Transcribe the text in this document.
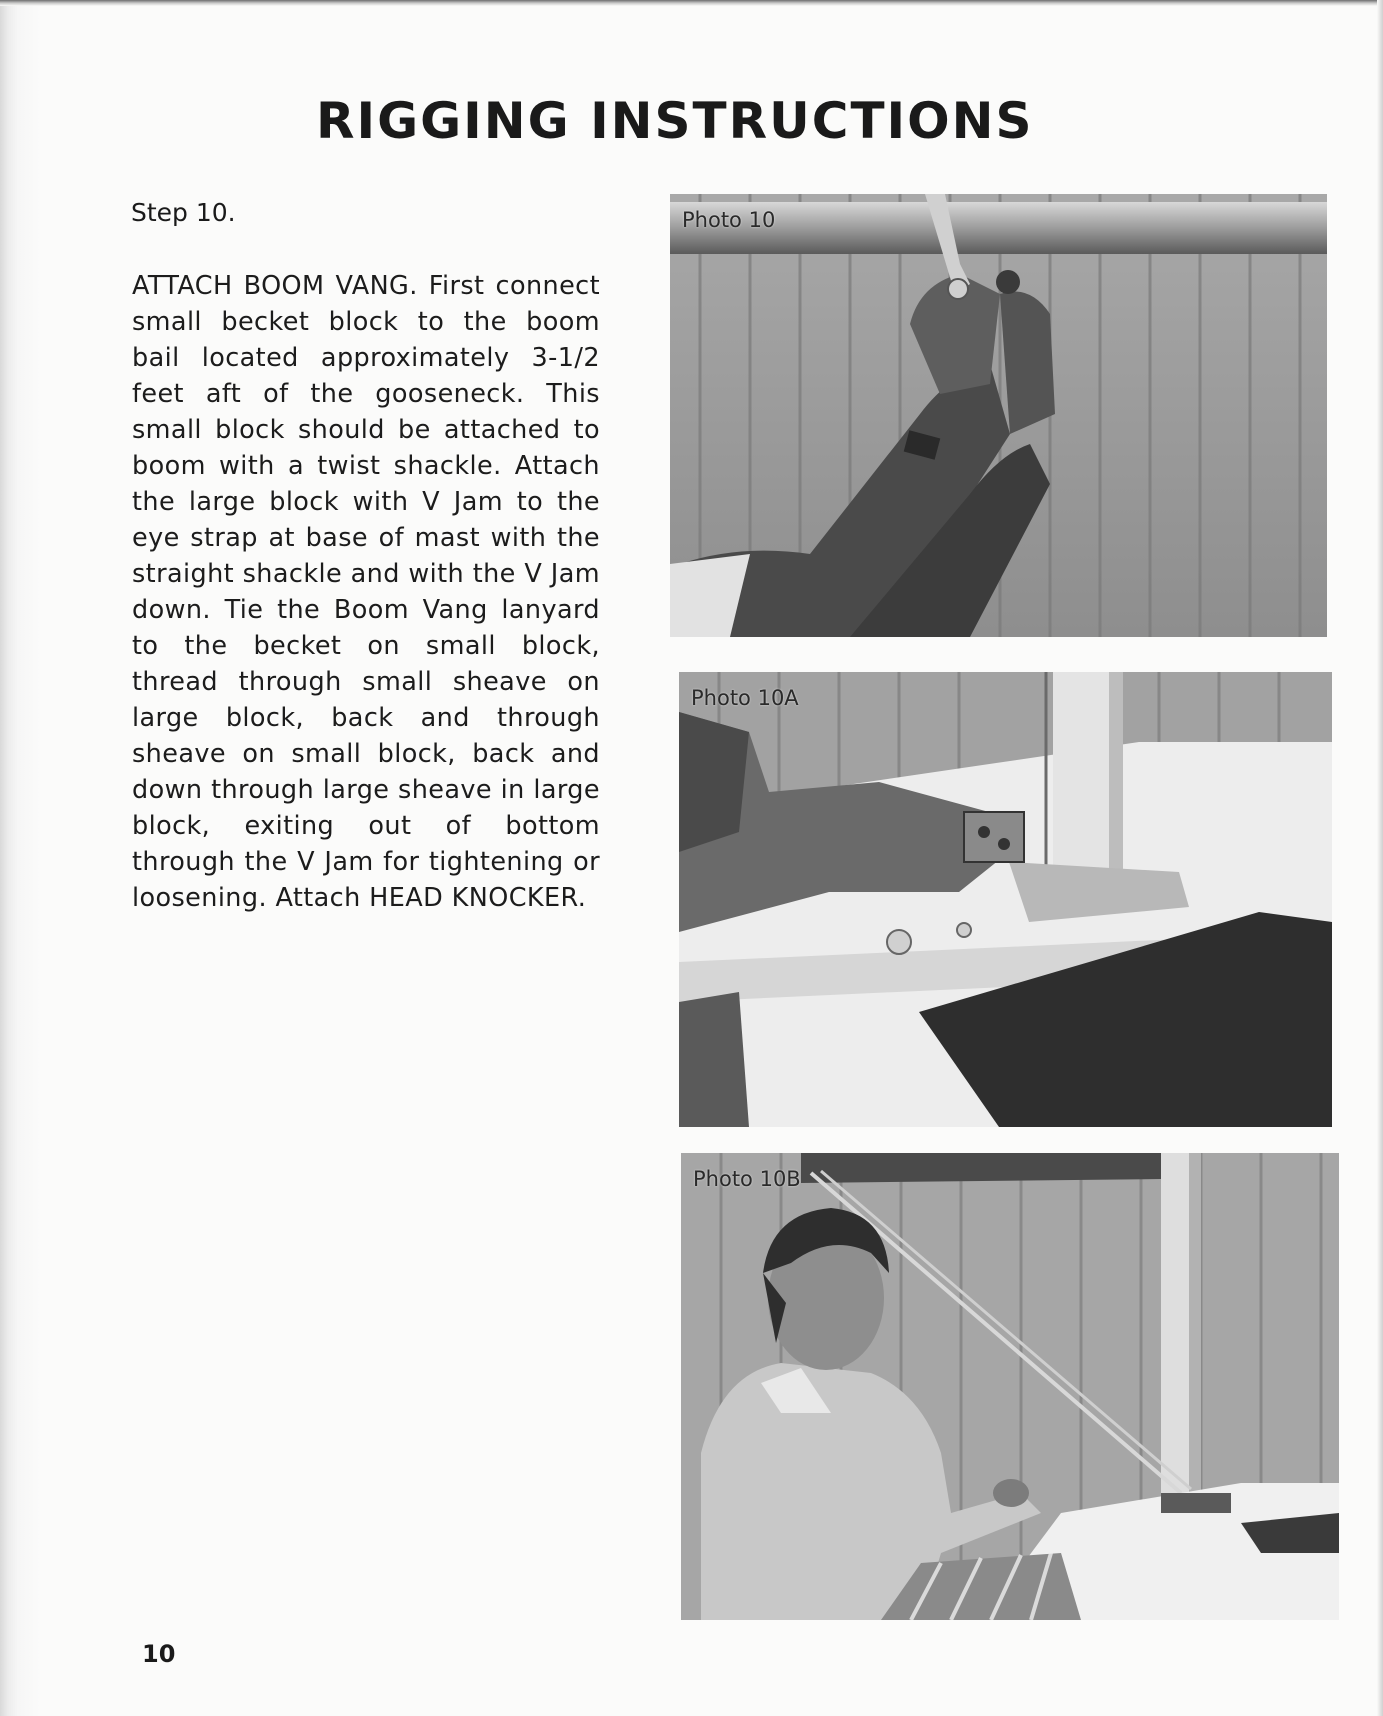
RIGGING INSTRUCTIONS
Step 10.
ATTACH BOOM VANG. First connect small becket block to the boom bail located approximately 3-1/2 feet aft of the gooseneck. This small block should be attached to boom with a twist shackle. Attach the large block with V Jam to the eye strap at base of mast with the straight shackle and with the V Jam down. Tie the Boom Vang lanyard to the becket on small block, thread through small sheave on large block, back and through sheave on small block, back and down through large sheave in large block, exiting out of bottom through the V Jam for tightening or loosening. Attach HEAD KNOCKER.
Photo 10
Photo 10A
Photo 10B
10
